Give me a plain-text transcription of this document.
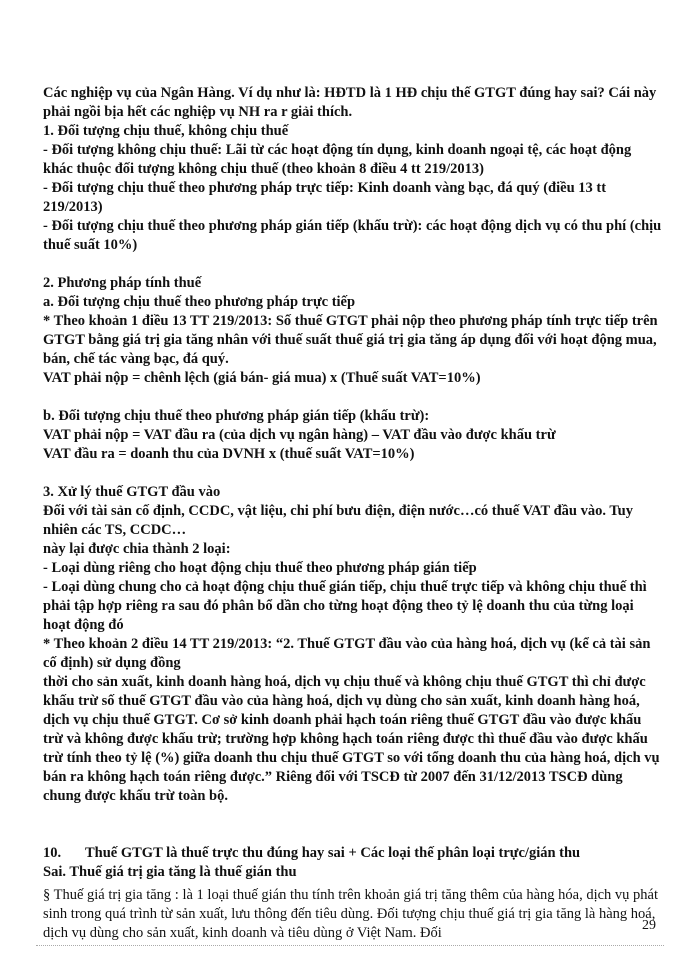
Các nghiệp vụ của Ngân Hàng. Ví dụ như là: HĐTD là 1 HĐ chịu thế GTGT đúng hay sai? Cái này phải ngồi bịa hết các nghiệp vụ NH ra r giải thích.

1. Đối tượng chịu thuế, không chịu thuế

- Đối tượng không chịu thuế: Lãi từ các hoạt động tín dụng, kinh doanh ngoại tệ, các hoạt động khác thuộc đối tượng không chịu thuế (theo khoản 8 điều 4 tt 219/2013)

- Đối tượng chịu thuế theo phương pháp trực tiếp: Kinh doanh vàng bạc, đá quý (điều 13 tt 219/2013)

- Đối tượng chịu thuế theo phương pháp gián tiếp (khấu trừ): các hoạt động dịch vụ có thu phí (chịu thuế suất 10%)

2. Phương pháp tính thuế

a. Đối tượng chịu thuế theo phương pháp trực tiếp

* Theo khoản 1 điều 13 TT 219/2013: Số thuế GTGT phải nộp theo phương pháp tính trực tiếp trên GTGT bằng giá trị gia tăng nhân với thuế suất thuế giá trị gia tăng áp dụng đối với hoạt động mua, bán, chế tác vàng bạc, đá quý.

VAT phải nộp = chênh lệch (giá bán- giá mua) x (Thuế suất VAT=10%)

b. Đối tượng chịu thuế theo phương pháp gián tiếp (khấu trừ):

VAT phải nộp = VAT đầu ra (của dịch vụ ngân hàng) – VAT đầu vào được khấu trừ

VAT đầu ra = doanh thu của DVNH x (thuế suất VAT=10%)

3. Xử lý thuế GTGT đầu vào

Đối với tài sản cố định, CCDC, vật liệu, chi phí bưu điện, điện nước…có thuế VAT đầu vào. Tuy nhiên các TS, CCDC…

này lại được chia thành 2 loại:

- Loại dùng riêng cho hoạt động chịu thuế theo phương pháp gián tiếp

- Loại dùng chung cho cả hoạt động chịu thuế gián tiếp, chịu thuế trực tiếp và không chịu thuế thì phải tập hợp riêng ra sau đó phân bổ dần cho từng hoạt động theo tỷ lệ doanh thu của từng loại hoạt động đó

* Theo khoản 2 điều 14 TT 219/2013: “2. Thuế GTGT đầu vào của hàng hoá, dịch vụ (kể cả tài sản cố định) sử dụng đồng

thời cho sản xuất, kinh doanh hàng hoá, dịch vụ chịu thuế và không chịu thuế GTGT thì chỉ được khấu trừ số thuế GTGT đầu vào của hàng hoá, dịch vụ dùng cho sản xuất, kinh doanh hàng hoá, dịch vụ chịu thuế GTGT. Cơ sở kinh doanh phải hạch toán riêng thuế GTGT đầu vào được khấu trừ và không được khấu trừ; trường hợp không hạch toán riêng được thì thuế đầu vào được khấu trừ tính theo tỷ lệ (%) giữa doanh thu chịu thuế GTGT so với tổng doanh thu của hàng hoá, dịch vụ bán ra không hạch toán riêng được.” Riêng đối với TSCĐ từ 2007 đến 31/12/2013 TSCĐ dùng chung được khấu trừ toàn bộ.

10. Thuế GTGT là thuế trực thu đúng hay sai + Các loại thế phân loại trực/gián thu

Sai. Thuế giá trị gia tăng là thuế gián thu

§ Thuế giá trị gia tăng : là 1 loại thuế gián thu tính trên khoản giá trị tăng thêm của hàng hóa, dịch vụ phát sinh trong quá trình từ sản xuất, lưu thông đến tiêu dùng. Đối tượng chịu thuế giá trị gia tăng là hàng hoá, dịch vụ dùng cho sản xuất, kinh doanh và tiêu dùng ở Việt Nam. Đối	29
